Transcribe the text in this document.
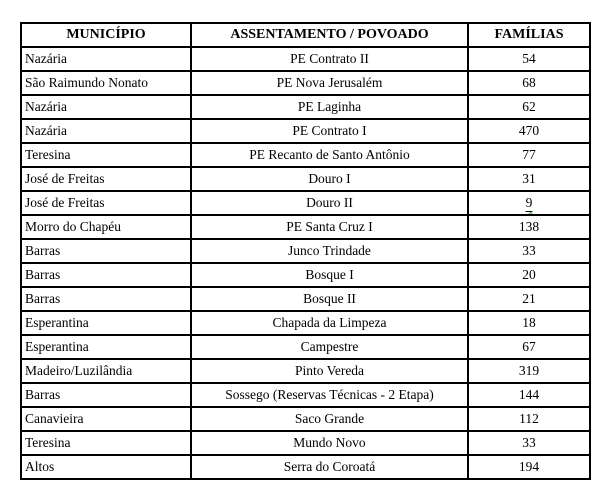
MUNICÍPIO	ASSENTAMENTO / POVOADO	FAMÍLIAS
Nazária	PE Contrato II	54
São Raimundo Nonato	PE Nova Jerusalém	68
Nazária	PE Laginha	62
Nazária	PE Contrato I	470
Teresina	PE Recanto de Santo Antônio	77
José de Freitas	Douro I	31
José de Freitas	Douro II	9
Morro do Chapéu	PE Santa Cruz I	138
Barras	Junco Trindade	33
Barras	Bosque I	20
Barras	Bosque II	21
Esperantina	Chapada da Limpeza	18
Esperantina	Campestre	67
Madeiro/Luzilândia	Pinto Vereda	319
Barras	Sossego (Reservas Técnicas - 2 Etapa)	144
Canavieira	Saco Grande	112
Teresina	Mundo Novo	33
Altos	Serra do Coroatá	194
